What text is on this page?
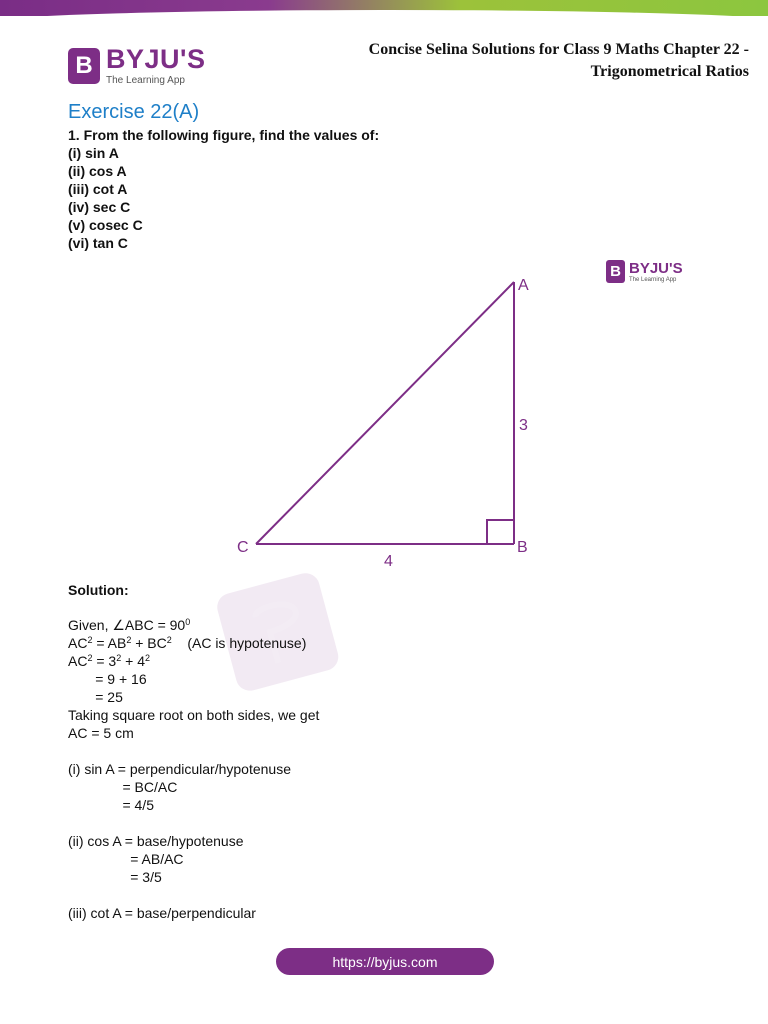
B BYJU'S
The Learning App
Concise Selina Solutions for Class 9 Maths Chapter 22 -
Trigonometrical Ratios
Exercise 22(A)
1. From the following figure, find the values of:
(i) sin A
(ii) cos A
(iii) cot A
(iv) sec C
(v) cosec C
(vi) tan C
B BYJU'S
The Learning App
A
B
C
3
4
Solution:
Given, ∠ABC = $90^0$
$AC^2 = AB^2 + BC^2$    (AC is hypotenuse)
$AC^2 = 3^2 + 4^2$
= 9 + 16
= 25
Taking square root on both sides, we get
AC = 5 cm
(i) sin A = perpendicular/hypotenuse
= BC/AC
= 4/5
(ii) cos A = base/hypotenuse
= AB/AC
= 3/5
(iii) cot A = base/perpendicular
https://byjus.com
